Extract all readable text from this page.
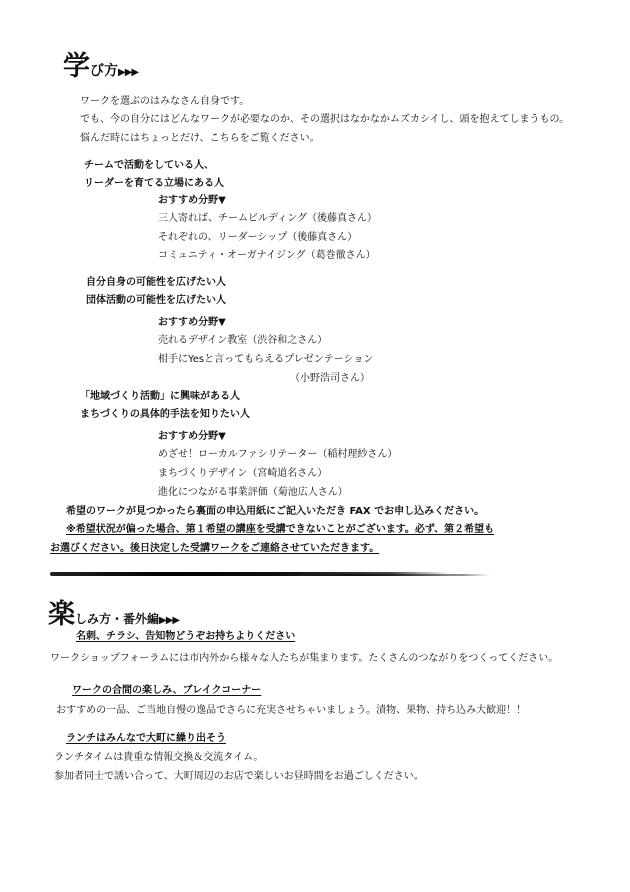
学び方▶▶▶
ワークを選ぶのはみなさん自身です。
でも、今の自分にはどんなワークが必要なのか、その選択はなかなかムズカシイし、頭を抱えてしまうもの。
悩んだ時にはちょっとだけ、こちらをご覧ください。
チームで活動をしている人、
リーダーを育てる立場にある人
おすすめ分野▼
三人寄れば、チームビルディング（後藤真さん）
それぞれの、リーダーシップ（後藤真さん）
コミュニティ・オーガナイジング（葛巻徹さん）
自分自身の可能性を広げたい人
団体活動の可能性を広げたい人
おすすめ分野▼
売れるデザイン教室（渋谷和之さん）
相手にYesと言ってもらえるプレゼンテーション
（小野浩司さん）
「地域づくり活動」に興味がある人
まちづくりの具体的手法を知りたい人
おすすめ分野▼
めざせ！ローカルファシリテーター（稲村理紗さん）
まちづくりデザイン（宮崎道名さん）
進化につながる事業評価（菊池広人さん）
希望のワークが見つかったら裏面の申込用紙にご記入いただき FAX でお申し込みください。
※希望状況が偏った場合、第１希望の講座を受講できないことがございます。必ず、第２希望も
お選びください。後日決定した受講ワークをご連絡させていただきます。
楽しみ方・番外編▶▶▶
名刺、チラシ、告知物どうぞお持ちよりください
ワークショップフォーラムには市内外から様々な人たちが集まります。たくさんのつながりをつくってください。
ワークの合間の楽しみ、ブレイクコーナー
おすすめの一品、ご当地自慢の逸品でさらに充実させちゃいましょう。漬物、果物、持ち込み大歓迎！！
ランチはみんなで大町に繰り出そう
ランチタイムは貴重な情報交換＆交流タイム。
参加者同士で誘い合って、大町周辺のお店で楽しいお昼時間をお過ごしください。
